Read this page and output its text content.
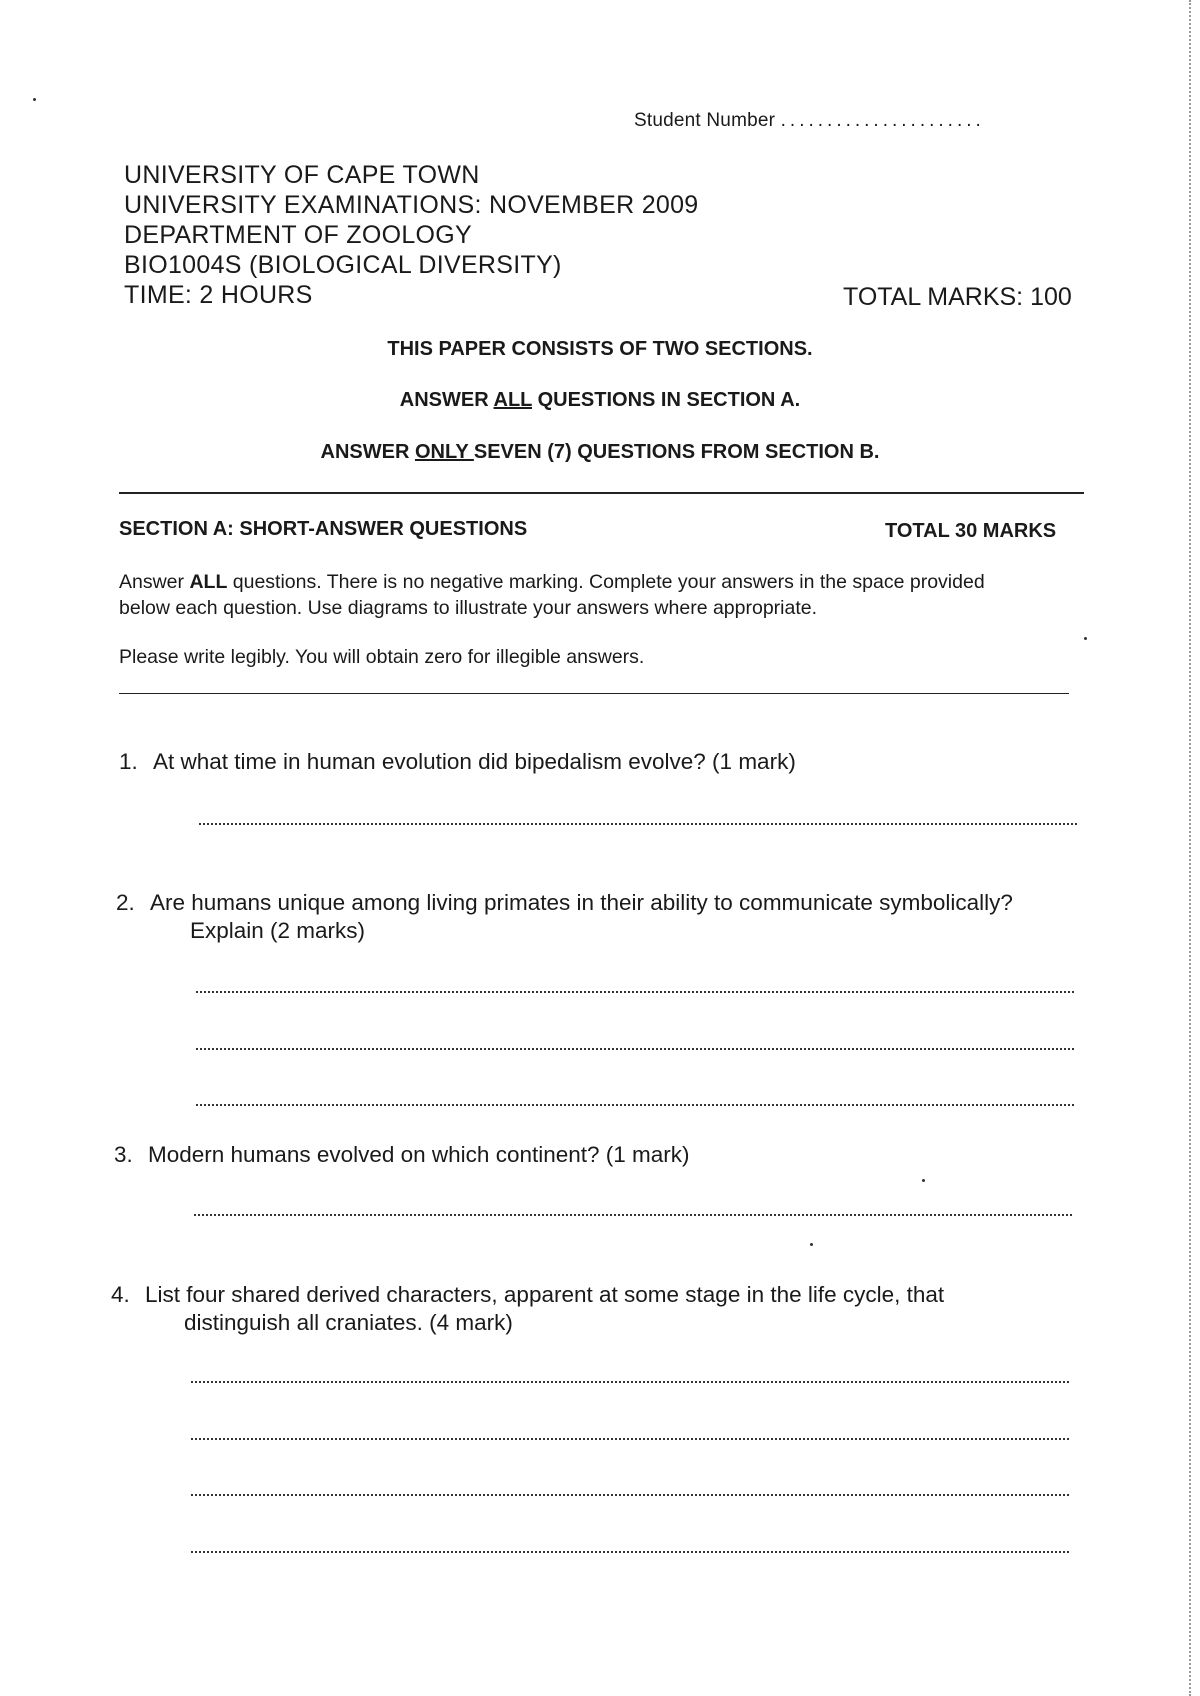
Student Number ......................
UNIVERSITY OF CAPE TOWN
UNIVERSITY EXAMINATIONS: NOVEMBER 2009
DEPARTMENT OF ZOOLOGY
BIO1004S (BIOLOGICAL DIVERSITY)
TIME: 2 HOURS	TOTAL MARKS: 100
THIS PAPER CONSISTS OF TWO SECTIONS.
ANSWER ALL QUESTIONS IN SECTION A.
ANSWER ONLY SEVEN (7) QUESTIONS FROM SECTION B.
SECTION A: SHORT-ANSWER QUESTIONS	TOTAL 30 MARKS
Answer ALL questions. There is no negative marking. Complete your answers in the space provided below each question. Use diagrams to illustrate your answers where appropriate.
Please write legibly. You will obtain zero for illegible answers.
1. At what time in human evolution did bipedalism evolve? (1 mark)
2. Are humans unique among living primates in their ability to communicate symbolically?
Explain (2 marks)
3. Modern humans evolved on which continent? (1 mark)
4. List four shared derived characters, apparent at some stage in the life cycle, that
distinguish all craniates. (4 mark)
